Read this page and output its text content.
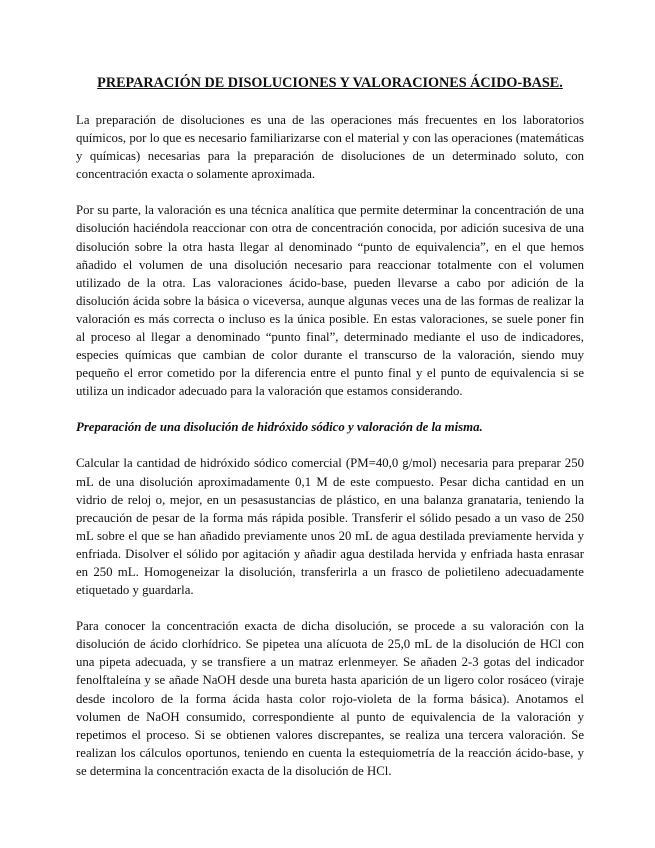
PREPARACIÓN DE DISOLUCIONES Y VALORACIONES ÁCIDO-BASE.

La preparación de disoluciones es una de las operaciones más frecuentes en los laboratorios químicos, por lo que es necesario familiarizarse con el material y con las operaciones (matemáticas y químicas) necesarias para la preparación de disoluciones de un determinado soluto, con concentración exacta o solamente aproximada.

Por su parte, la valoración es una técnica analítica que permite determinar la concentración de una disolución haciéndola reaccionar con otra de concentración conocida, por adición sucesiva de una disolución sobre la otra hasta llegar al denominado “punto de equivalencia”, en el que hemos añadido el volumen de una disolución necesario para reaccionar totalmente con el volumen utilizado de la otra. Las valoraciones ácido-base, pueden llevarse a cabo por adición de la disolución ácida sobre la básica o viceversa, aunque algunas veces una de las formas de realizar la valoración es más correcta o incluso es la única posible. En estas valoraciones, se suele poner fin al proceso al llegar a denominado “punto final”, determinado mediante el uso de indicadores, especies químicas que cambian de color durante el transcurso de la valoración, siendo muy pequeño el error cometido por la diferencia entre el punto final y el punto de equivalencia si se utiliza un indicador adecuado para la valoración que estamos considerando.

Preparación de una disolución de hidróxido sódico y valoración de la misma.

Calcular la cantidad de hidróxido sódico comercial (PM=40,0 g/mol) necesaria para preparar 250 mL de una disolución aproximadamente 0,1 M de este compuesto. Pesar dicha cantidad en un vidrio de reloj o, mejor, en un pesasustancias de plástico, en una balanza granataria, teniendo la precaución de pesar de la forma más rápida posible. Transferir el sólido pesado a un vaso de 250 mL sobre el que se han añadido previamente unos 20 mL de agua destilada previamente hervida y enfriada. Disolver el sólido por agitación y añadir agua destilada hervida y enfriada hasta enrasar en 250 mL. Homogeneizar la disolución, transferirla a un frasco de polietileno adecuadamente etiquetado y guardarla.

Para conocer la concentración exacta de dicha disolución, se procede a su valoración con la disolución de ácido clorhídrico. Se pipetea una alícuota de 25,0 mL de la disolución de HCl con una pipeta adecuada, y se transfiere a un matraz erlenmeyer. Se añaden 2-3 gotas del indicador fenolftaleína y se añade NaOH desde una bureta hasta aparición de un ligero color rosáceo (viraje desde incoloro de la forma ácida hasta color rojo-violeta de la forma básica). Anotamos el volumen de NaOH consumido, correspondiente al punto de equivalencia de la valoración y repetimos el proceso. Si se obtienen valores discrepantes, se realiza una tercera valoración. Se realizan los cálculos oportunos, teniendo en cuenta la estequiometría de la reacción ácido-base, y se determina la concentración exacta de la disolución de HCl.
